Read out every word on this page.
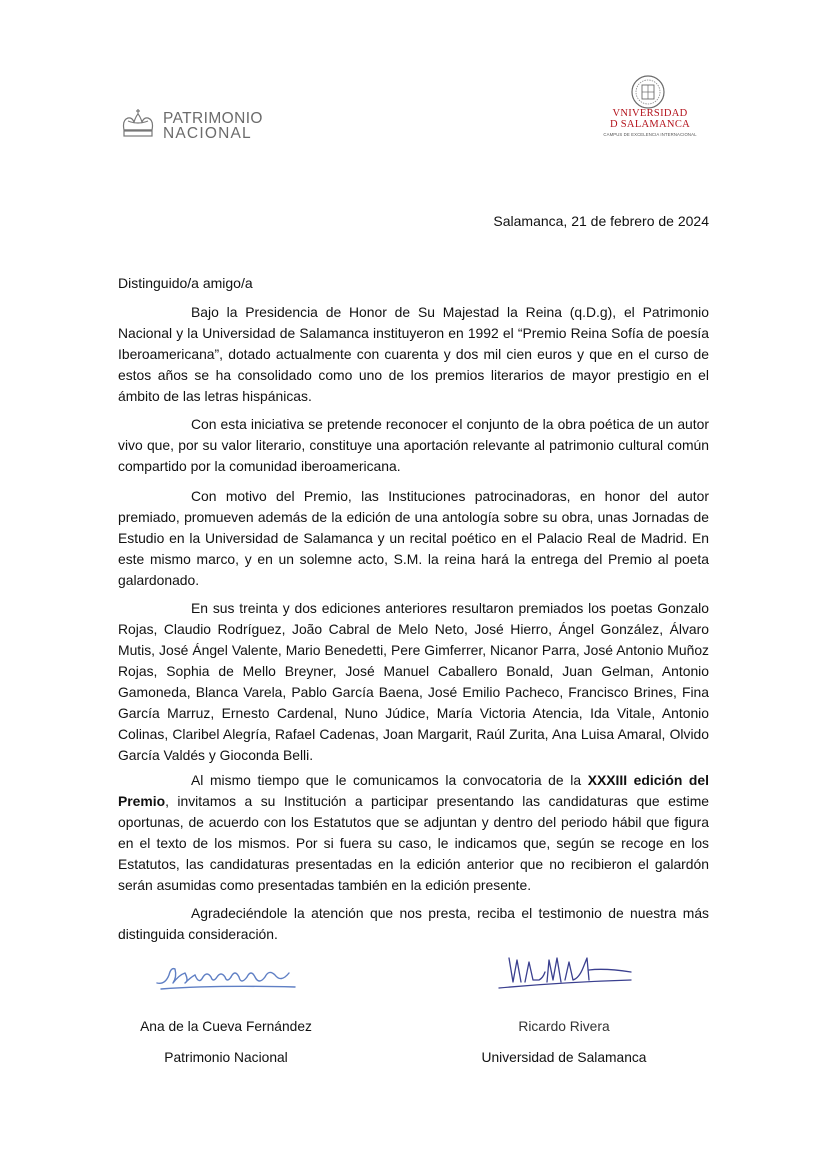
PATRIMONIO
NACIONAL
VNIVERSIDAD
D SALAMANCA
CAMPUS DE EXCELENCIA INTERNACIONAL
Salamanca, 21 de febrero de 2024
Distinguido/a amigo/a

Bajo la Presidencia de Honor de Su Majestad la Reina (q.D.g), el Patrimonio Nacional y la Universidad de Salamanca instituyeron en 1992 el “Premio Reina Sofía de poesía Iberoamericana”, dotado actualmente con cuarenta y dos mil cien euros y que en el curso de estos años se ha consolidado como uno de los premios literarios de mayor prestigio en el ámbito de las letras hispánicas.

Con esta iniciativa se pretende reconocer el conjunto de la obra poética de un autor vivo que, por su valor literario, constituye una aportación relevante al patrimonio cultural común compartido por la comunidad iberoamericana.

Con motivo del Premio, las Instituciones patrocinadoras, en honor del autor premiado, promueven además de la edición de una antología sobre su obra, unas Jornadas de Estudio en la Universidad de Salamanca y un recital poético en el Palacio Real de Madrid. En este mismo marco, y en un solemne acto, S.M. la reina hará la entrega del Premio al poeta galardonado.

En sus treinta y dos ediciones anteriores resultaron premiados los poetas Gonzalo Rojas, Claudio Rodríguez, João Cabral de Melo Neto, José Hierro, Ángel González, Álvaro Mutis, José Ángel Valente, Mario Benedetti, Pere Gimferrer, Nicanor Parra, José Antonio Muñoz Rojas, Sophia de Mello Breyner, José Manuel Caballero Bonald, Juan Gelman, Antonio Gamoneda, Blanca Varela, Pablo García Baena, José Emilio Pacheco, Francisco Brines, Fina García Marruz, Ernesto Cardenal, Nuno Júdice, María Victoria Atencia, Ida Vitale, Antonio Colinas, Claribel Alegría, Rafael Cadenas, Joan Margarit, Raúl Zurita, Ana Luisa Amaral, Olvido García Valdés y Gioconda Belli.

Al mismo tiempo que le comunicamos la convocatoria de la XXXIII edición del Premio, invitamos a su Institución a participar presentando las candidaturas que estime oportunas, de acuerdo con los Estatutos que se adjuntan y dentro del periodo hábil que figura en el texto de los mismos. Por si fuera su caso, le indicamos que, según se recoge en los Estatutos, las candidaturas presentadas en la edición anterior que no recibieron el galardón serán asumidas como presentadas también en la edición presente.

Agradeciéndole la atención que nos presta, reciba el testimonio de nuestra más distinguida consideración.

Ana de la Cueva Fernández
Patrimonio Nacional
Ricardo Rivera
Universidad de Salamanca
